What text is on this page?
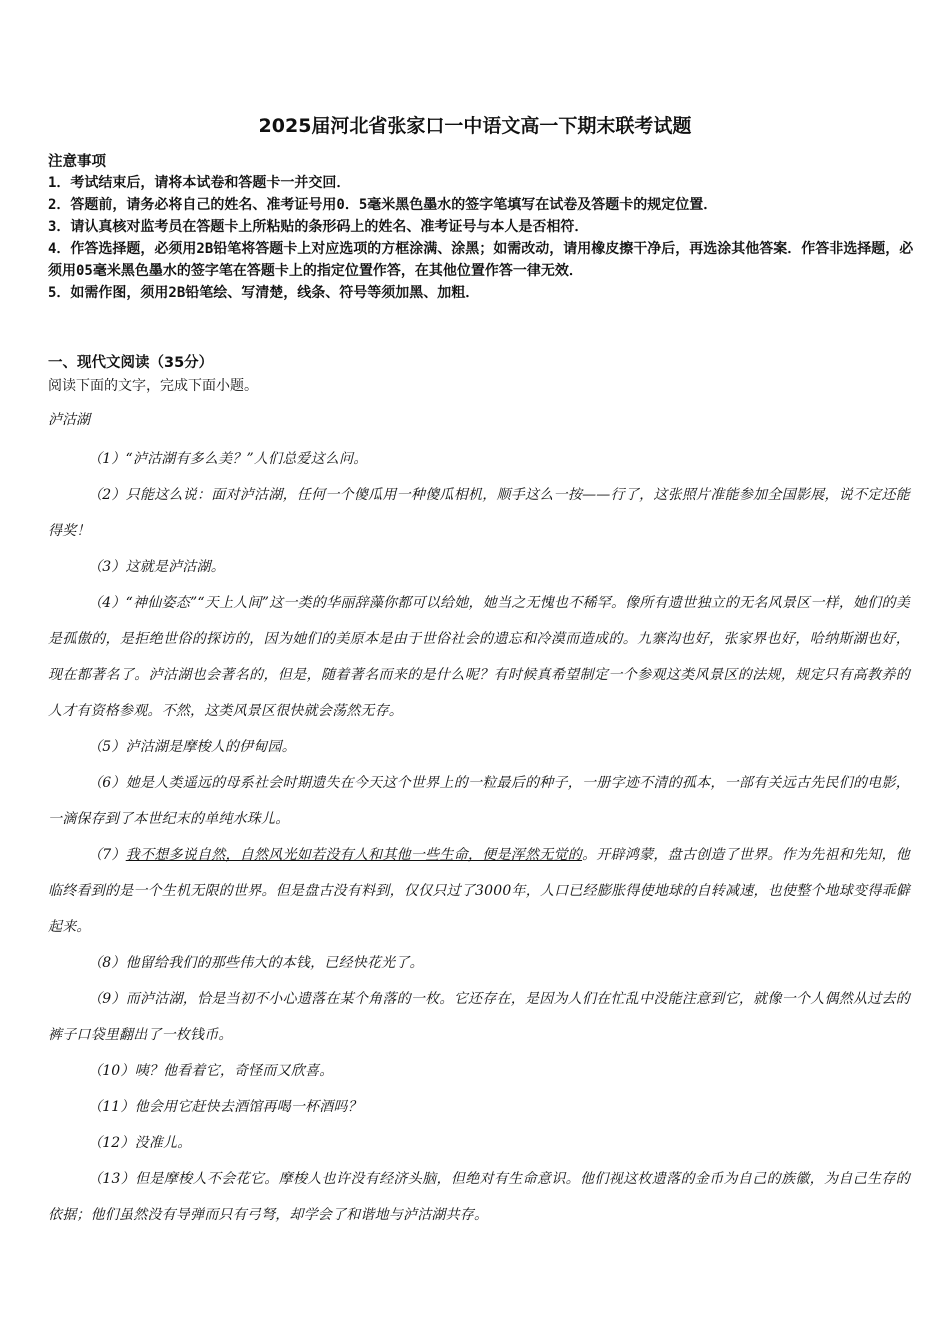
2025届河北省张家口一中语文高一下期末联考试题
注意事项
1．考试结束后，请将本试卷和答题卡一并交回．
2．答题前，请务必将自己的姓名、准考证号用0．5毫米黑色墨水的签字笔填写在试卷及答题卡的规定位置．
3．请认真核对监考员在答题卡上所粘贴的条形码上的姓名、准考证号与本人是否相符．
4．作答选择题，必须用2B铅笔将答题卡上对应选项的方框涂满、涂黑；如需改动，请用橡皮擦干净后，再选涂其他答案．作答非选择题，必须用05毫米黑色墨水的签字笔在答题卡上的指定位置作答，在其他位置作答一律无效．
5．如需作图，须用2B铅笔绘、写清楚，线条、符号等须加黑、加粗．
一、现代文阅读（35分）
阅读下面的文字，完成下面小题。
泸沽湖

（1）“泸沽湖有多么美？”人们总爱这么问。

（2）只能这么说：面对泸沽湖，任何一个傻瓜用一种傻瓜相机，顺手这么一按——行了，这张照片准能参加全国影展，说不定还能得奖！

（3）这就是泸沽湖。

（4）“神仙姿态”“天上人间”这一类的华丽辞藻你都可以给她，她当之无愧也不稀罕。像所有遗世独立的无名风景区一样，她们的美是孤傲的，是拒绝世俗的探访的，因为她们的美原本是由于世俗社会的遗忘和冷漠而造成的。九寨沟也好，张家界也好，哈纳斯湖也好，现在都著名了。泸沽湖也会著名的，但是，随着著名而来的是什么呢？有时候真希望制定一个参观这类风景区的法规，规定只有高教养的人才有资格参观。不然，这类风景区很快就会荡然无存。

（5）泸沽湖是摩梭人的伊甸园。

（6）她是人类遥远的母系社会时期遗失在今天这个世界上的一粒最后的种子，一册字迹不清的孤本，一部有关远古先民们的电影，一滴保存到了本世纪末的单纯水珠儿。

（7）我不想多说自然，自然风光如若没有人和其他一些生命，便是浑然无觉的。开辟鸿蒙，盘古创造了世界。作为先祖和先知，他临终看到的是一个生机无限的世界。但是盘古没有料到，仅仅只过了3000年，人口已经膨胀得使地球的自转减速，也使整个地球变得乖僻起来。

（8）他留给我们的那些伟大的本钱，已经快花光了。

（9）而泸沽湖，恰是当初不小心遗落在某个角落的一枚。它还存在，是因为人们在忙乱中没能注意到它，就像一个人偶然从过去的裤子口袋里翻出了一枚钱币。

（10）咦？他看着它，奇怪而又欣喜。

（11）他会用它赶快去酒馆再喝一杯酒吗？

（12）没准儿。

（13）但是摩梭人不会花它。摩梭人也许没有经济头脑，但绝对有生命意识。他们视这枚遗落的金币为自己的族徽，为自己生存的依据；他们虽然没有导弹而只有弓弩，却学会了和谐地与泸沽湖共存。
